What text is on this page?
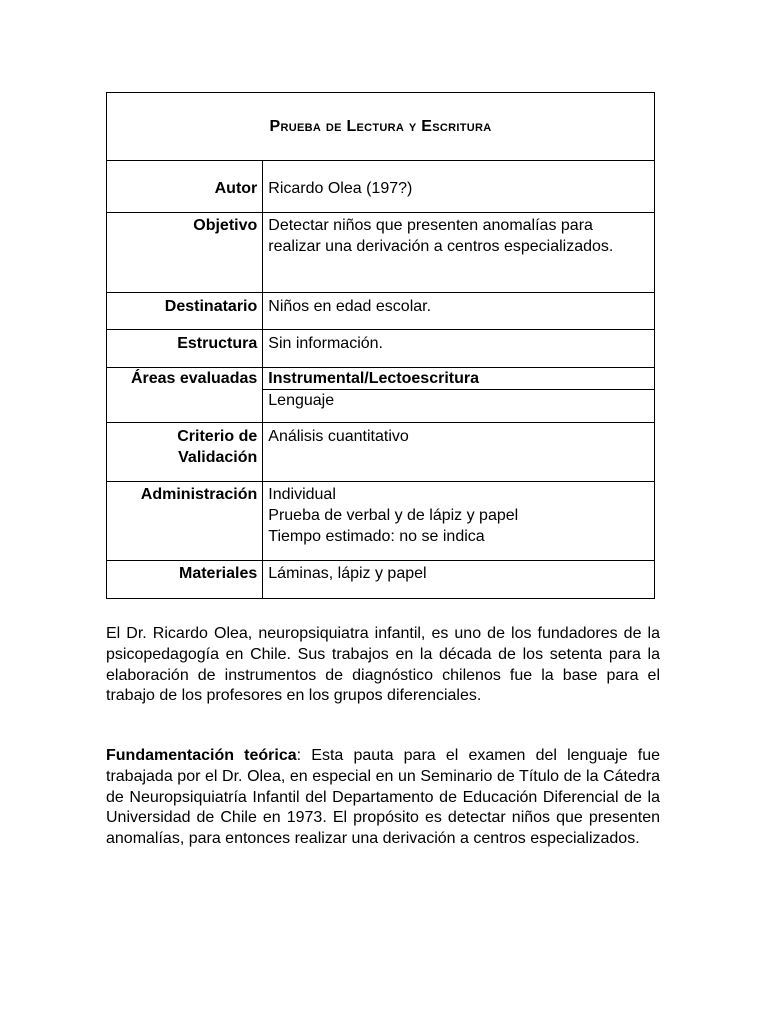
Prueba de Lectura y Escritura	
Autor	Ricardo Olea (197?)
Objetivo	Detectar niños que presenten anomalías para realizar una derivación a centros especializados.
Destinatario	Niños en edad escolar.
Estructura	Sin información.
Áreas evaluadas	Instrumental/Lectoescritura
	Lenguaje

Criterio de
Validación	Análisis cuantitativo
Administración	Individual
Prueba de verbal y de lápiz y papel
Tiempo estimado: no se indica

Materiales	Láminas, lápiz y papel

El Dr. Ricardo Olea, neuropsiquiatra infantil, es uno de los fundadores de la psicopedagogía en Chile. Sus trabajos en la década de los setenta para la elaboración de instrumentos de diagnóstico chilenos fue la base para el trabajo de los profesores en los grupos diferenciales.

Fundamentación teórica: Esta pauta para el examen del lenguaje fue trabajada por el Dr. Olea, en especial en un Seminario de Título de la Cátedra de Neuropsiquiatría Infantil del Departamento de Educación Diferencial de la Universidad de Chile en 1973. El propósito es detectar niños que presenten anomalías, para entonces realizar una derivación a centros especializados.
